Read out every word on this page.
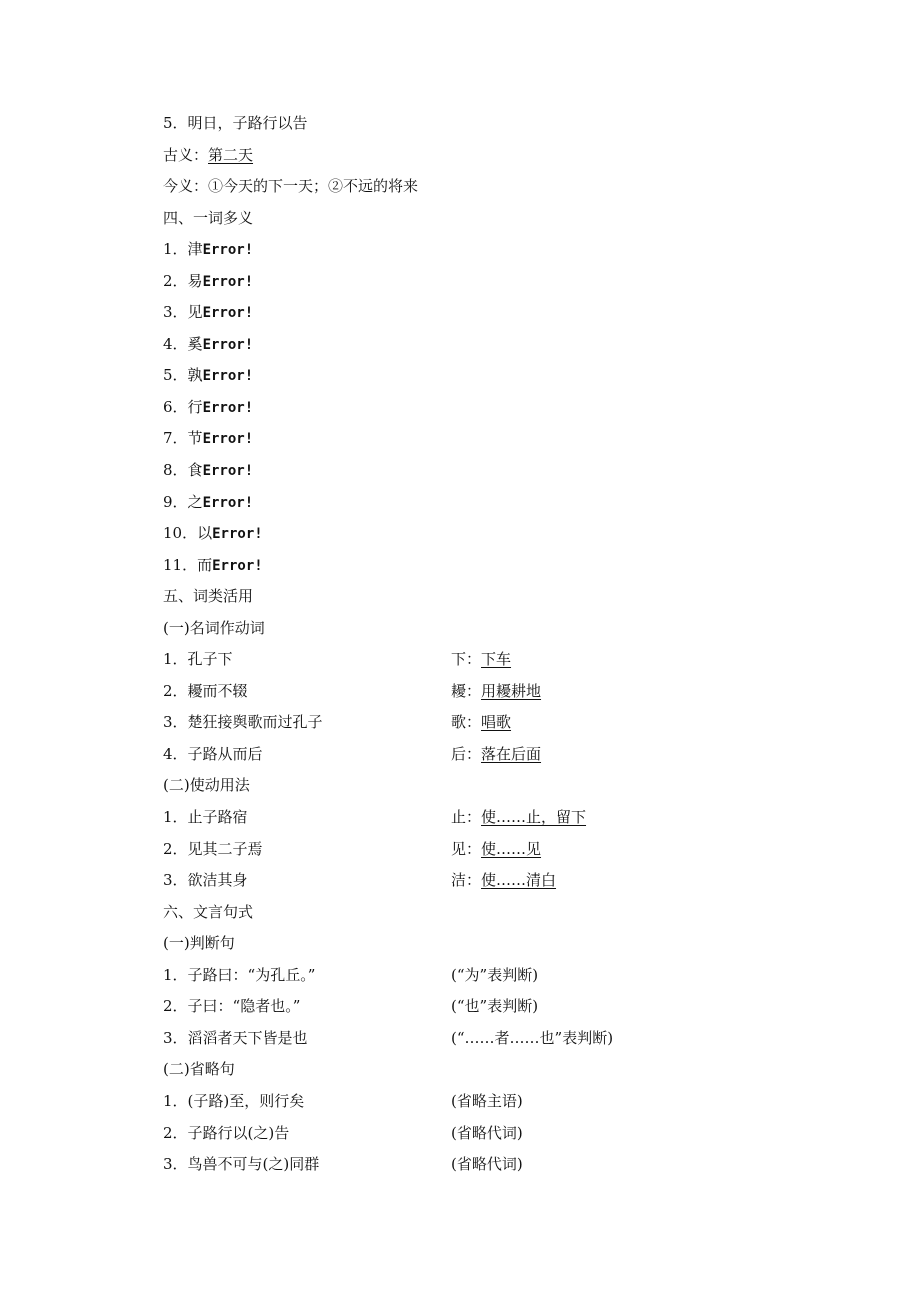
5．明日，子路行以告
古义：第二天
今义：①今天的下一天；②不远的将来
四、一词多义
1．津Error!
2．易Error!
3．见Error!
4．奚Error!
5．孰Error!
6．行Error!
7．节Error!
8．食Error!
9．之Error!
10．以Error!
11．而Error!
五、词类活用
(一)名词作动词
1．孔子下	下：下车
2．耰而不辍	耰：用耰耕地
3．楚狂接舆歌而过孔子	歌：唱歌
4．子路从而后	后：落在后面
(二)使动用法
1．止子路宿	止：使……止，留下
2．见其二子焉	见：使……见
3．欲洁其身	洁：使……清白
六、文言句式
(一)判断句
1．子路曰：“为孔丘。”	(“为”表判断)
2．子曰：“隐者也。”	(“也”表判断)
3．滔滔者天下皆是也	(“……者……也”表判断)
(二)省略句
1．(子路)至，则行矣	(省略主语)
2．子路行以(之)告	(省略代词)
3．鸟兽不可与(之)同群	(省略代词)
